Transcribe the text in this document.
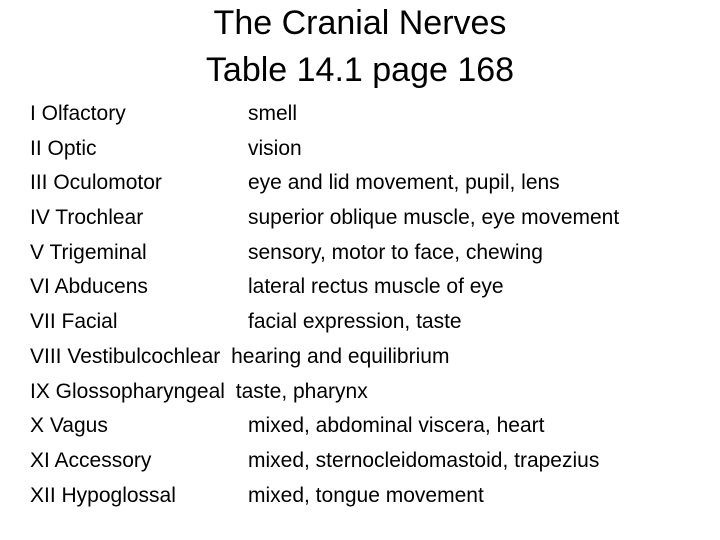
The Cranial Nerves
Table 14.1 page 168
I Olfactory	smell
II Optic	vision
III Oculomotor	eye and lid movement, pupil, lens
IV Trochlear	superior oblique muscle, eye movement
V Trigeminal	sensory, motor to face, chewing
VI Abducens	lateral rectus muscle of eye
VII Facial	facial expression, taste
VIII Vestibulcochlear hearing and equilibrium
IX Glossopharyngeal taste, pharynx
X Vagus	mixed, abdominal viscera, heart
XI Accessory	mixed, sternocleidomastoid, trapezius
XII Hypoglossal	mixed, tongue movement
